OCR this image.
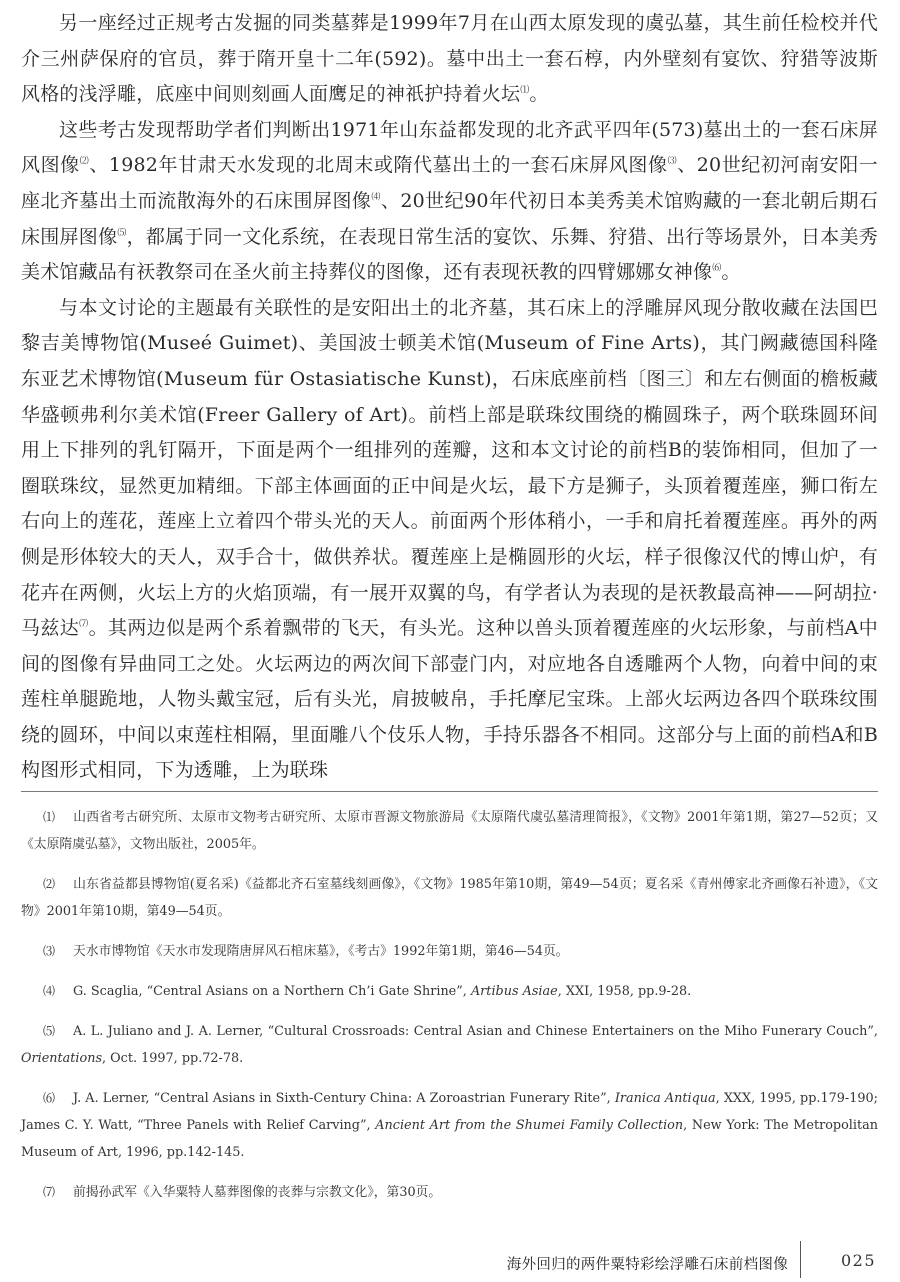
另一座经过正规考古发掘的同类墓葬是1999年7月在山西太原发现的虞弘墓，其生前任检校并代介三州萨保府的官员，葬于隋开皇十二年(592)。墓中出土一套石椁，内外壁刻有宴饮、狩猎等波斯风格的浅浮雕，底座中间则刻画人面鹰足的神祇护持着火坛⑴。

这些考古发现帮助学者们判断出1971年山东益都发现的北齐武平四年(573)墓出土的一套石床屏风图像⑵、1982年甘肃天水发现的北周末或隋代墓出土的一套石床屏风图像⑶、20世纪初河南安阳一座北齐墓出土而流散海外的石床围屏图像⑷、20世纪90年代初日本美秀美术馆购藏的一套北朝后期石床围屏图像⑸，都属于同一文化系统，在表现日常生活的宴饮、乐舞、狩猎、出行等场景外，日本美秀美术馆藏品有祆教祭司在圣火前主持葬仪的图像，还有表现祆教的四臂娜娜女神像⑹。

与本文讨论的主题最有关联性的是安阳出土的北齐墓，其石床上的浮雕屏风现分散收藏在法国巴黎吉美博物馆(Museé Guimet)、美国波士顿美术馆(Museum of Fine Arts)，其门阙藏德国科隆东亚艺术博物馆(Museum für Ostasiatische Kunst)，石床底座前档〔图三〕和左右侧面的檐板藏华盛顿弗利尔美术馆(Freer Gallery of Art)。前档上部是联珠纹围绕的椭圆珠子，两个联珠圆环间用上下排列的乳钉隔开，下面是两个一组排列的莲瓣，这和本文讨论的前档B的装饰相同，但加了一圈联珠纹，显然更加精细。下部主体画面的正中间是火坛，最下方是狮子，头顶着覆莲座，狮口衔左右向上的莲花，莲座上立着四个带头光的天人。前面两个形体稍小，一手和肩托着覆莲座。再外的两侧是形体较大的天人，双手合十，做供养状。覆莲座上是椭圆形的火坛，样子很像汉代的博山炉，有花卉在两侧，火坛上方的火焰顶端，有一展开双翼的鸟，有学者认为表现的是祆教最高神——阿胡拉·马兹达⑺。其两边似是两个系着飘带的飞天，有头光。这种以兽头顶着覆莲座的火坛形象，与前档A中间的图像有异曲同工之处。火坛两边的两次间下部壸门内，对应地各自透雕两个人物，向着中间的束莲柱单腿跪地，人物头戴宝冠，后有头光，肩披帔帛，手托摩尼宝珠。上部火坛两边各四个联珠纹围绕的圆环，中间以束莲柱相隔，里面雕八个伎乐人物，手持乐器各不相同。这部分与上面的前档A和B构图形式相同，下为透雕，上为联珠

⑴ 山西省考古研究所、太原市文物考古研究所、太原市晋源文物旅游局《太原隋代虞弘墓清理简报》，《文物》2001年第1期，第27—52页；又《太原隋虞弘墓》，文物出版社，2005年。

⑵ 山东省益都县博物馆(夏名采)《益都北齐石室墓线刻画像》，《文物》1985年第10期，第49—54页；夏名采《青州傅家北齐画像石补遗》，《文物》2001年第10期，第49—54页。

⑶ 天水市博物馆《天水市发现隋唐屏风石棺床墓》，《考古》1992年第1期，第46—54页。

⑷ G. Scaglia, “Central Asians on a Northern Ch’i Gate Shrine”, Artibus Asiae, XXI, 1958, pp.9-28.

⑸ A. L. Juliano and J. A. Lerner, “Cultural Crossroads: Central Asian and Chinese Entertainers on the Miho Funerary Couch”, Orientations, Oct. 1997, pp.72-78.

⑹ J. A. Lerner, “Central Asians in Sixth-Century China: A Zoroastrian Funerary Rite”, Iranica Antiqua, XXX, 1995, pp.179-190; James C. Y. Watt, “Three Panels with Relief Carving”, Ancient Art from the Shumei Family Collection, New York: The Metropolitan Museum of Art, 1996, pp.142-145.

⑺ 前揭孙武军《入华粟特人墓葬图像的丧葬与宗教文化》，第30页。

海外回归的两件粟特彩绘浮雕石床前档图像	025
